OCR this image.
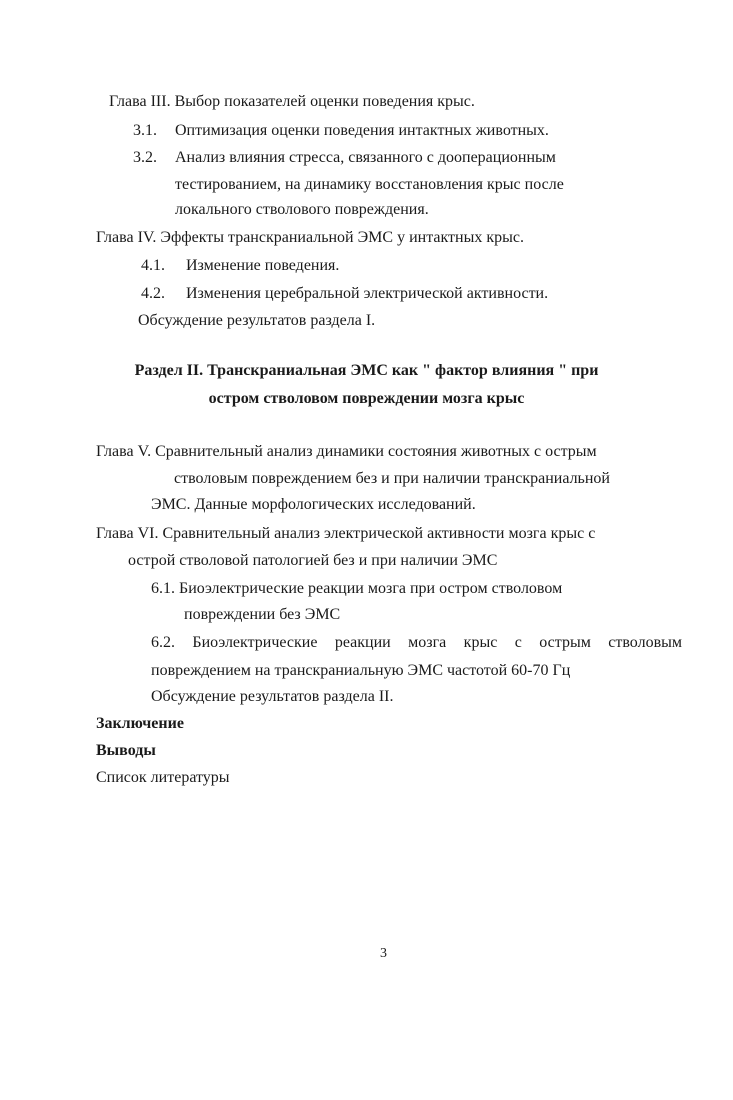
Глава III. Выбор показателей оценки поведения крыс.
3.1. Оптимизация оценки поведения интактных животных.
3.2. Анализ влияния стресса, связанного с дооперационным
тестированием, на динамику восстановления крыс после
локального стволового повреждения.
Глава IV. Эффекты транскраниальной ЭМС у интактных крыс.
4.1. Изменение поведения.
4.2. Изменения церебральной электрической активности.
Обсуждение результатов раздела I.
Раздел II. Транскраниальная ЭМС как " фактор влияния " при
остром стволовом повреждении мозга крыс
Глава V. Сравнительный анализ динамики состояния животных с острым
стволовым повреждением без и при наличии транскраниальной
ЭМС. Данные морфологических исследований.
Глава VI. Сравнительный анализ электрической активности мозга крыс с
острой стволовой патологией без и при наличии ЭМС
6.1. Биоэлектрические реакции мозга при остром стволовом
повреждении без ЭМС
6.2. Биоэлектрические реакции мозга крыс с острым стволовым
повреждением на транскраниальную ЭМС частотой 60-70 Гц
Обсуждение результатов раздела II.
Заключение
Выводы
Список литературы
3
